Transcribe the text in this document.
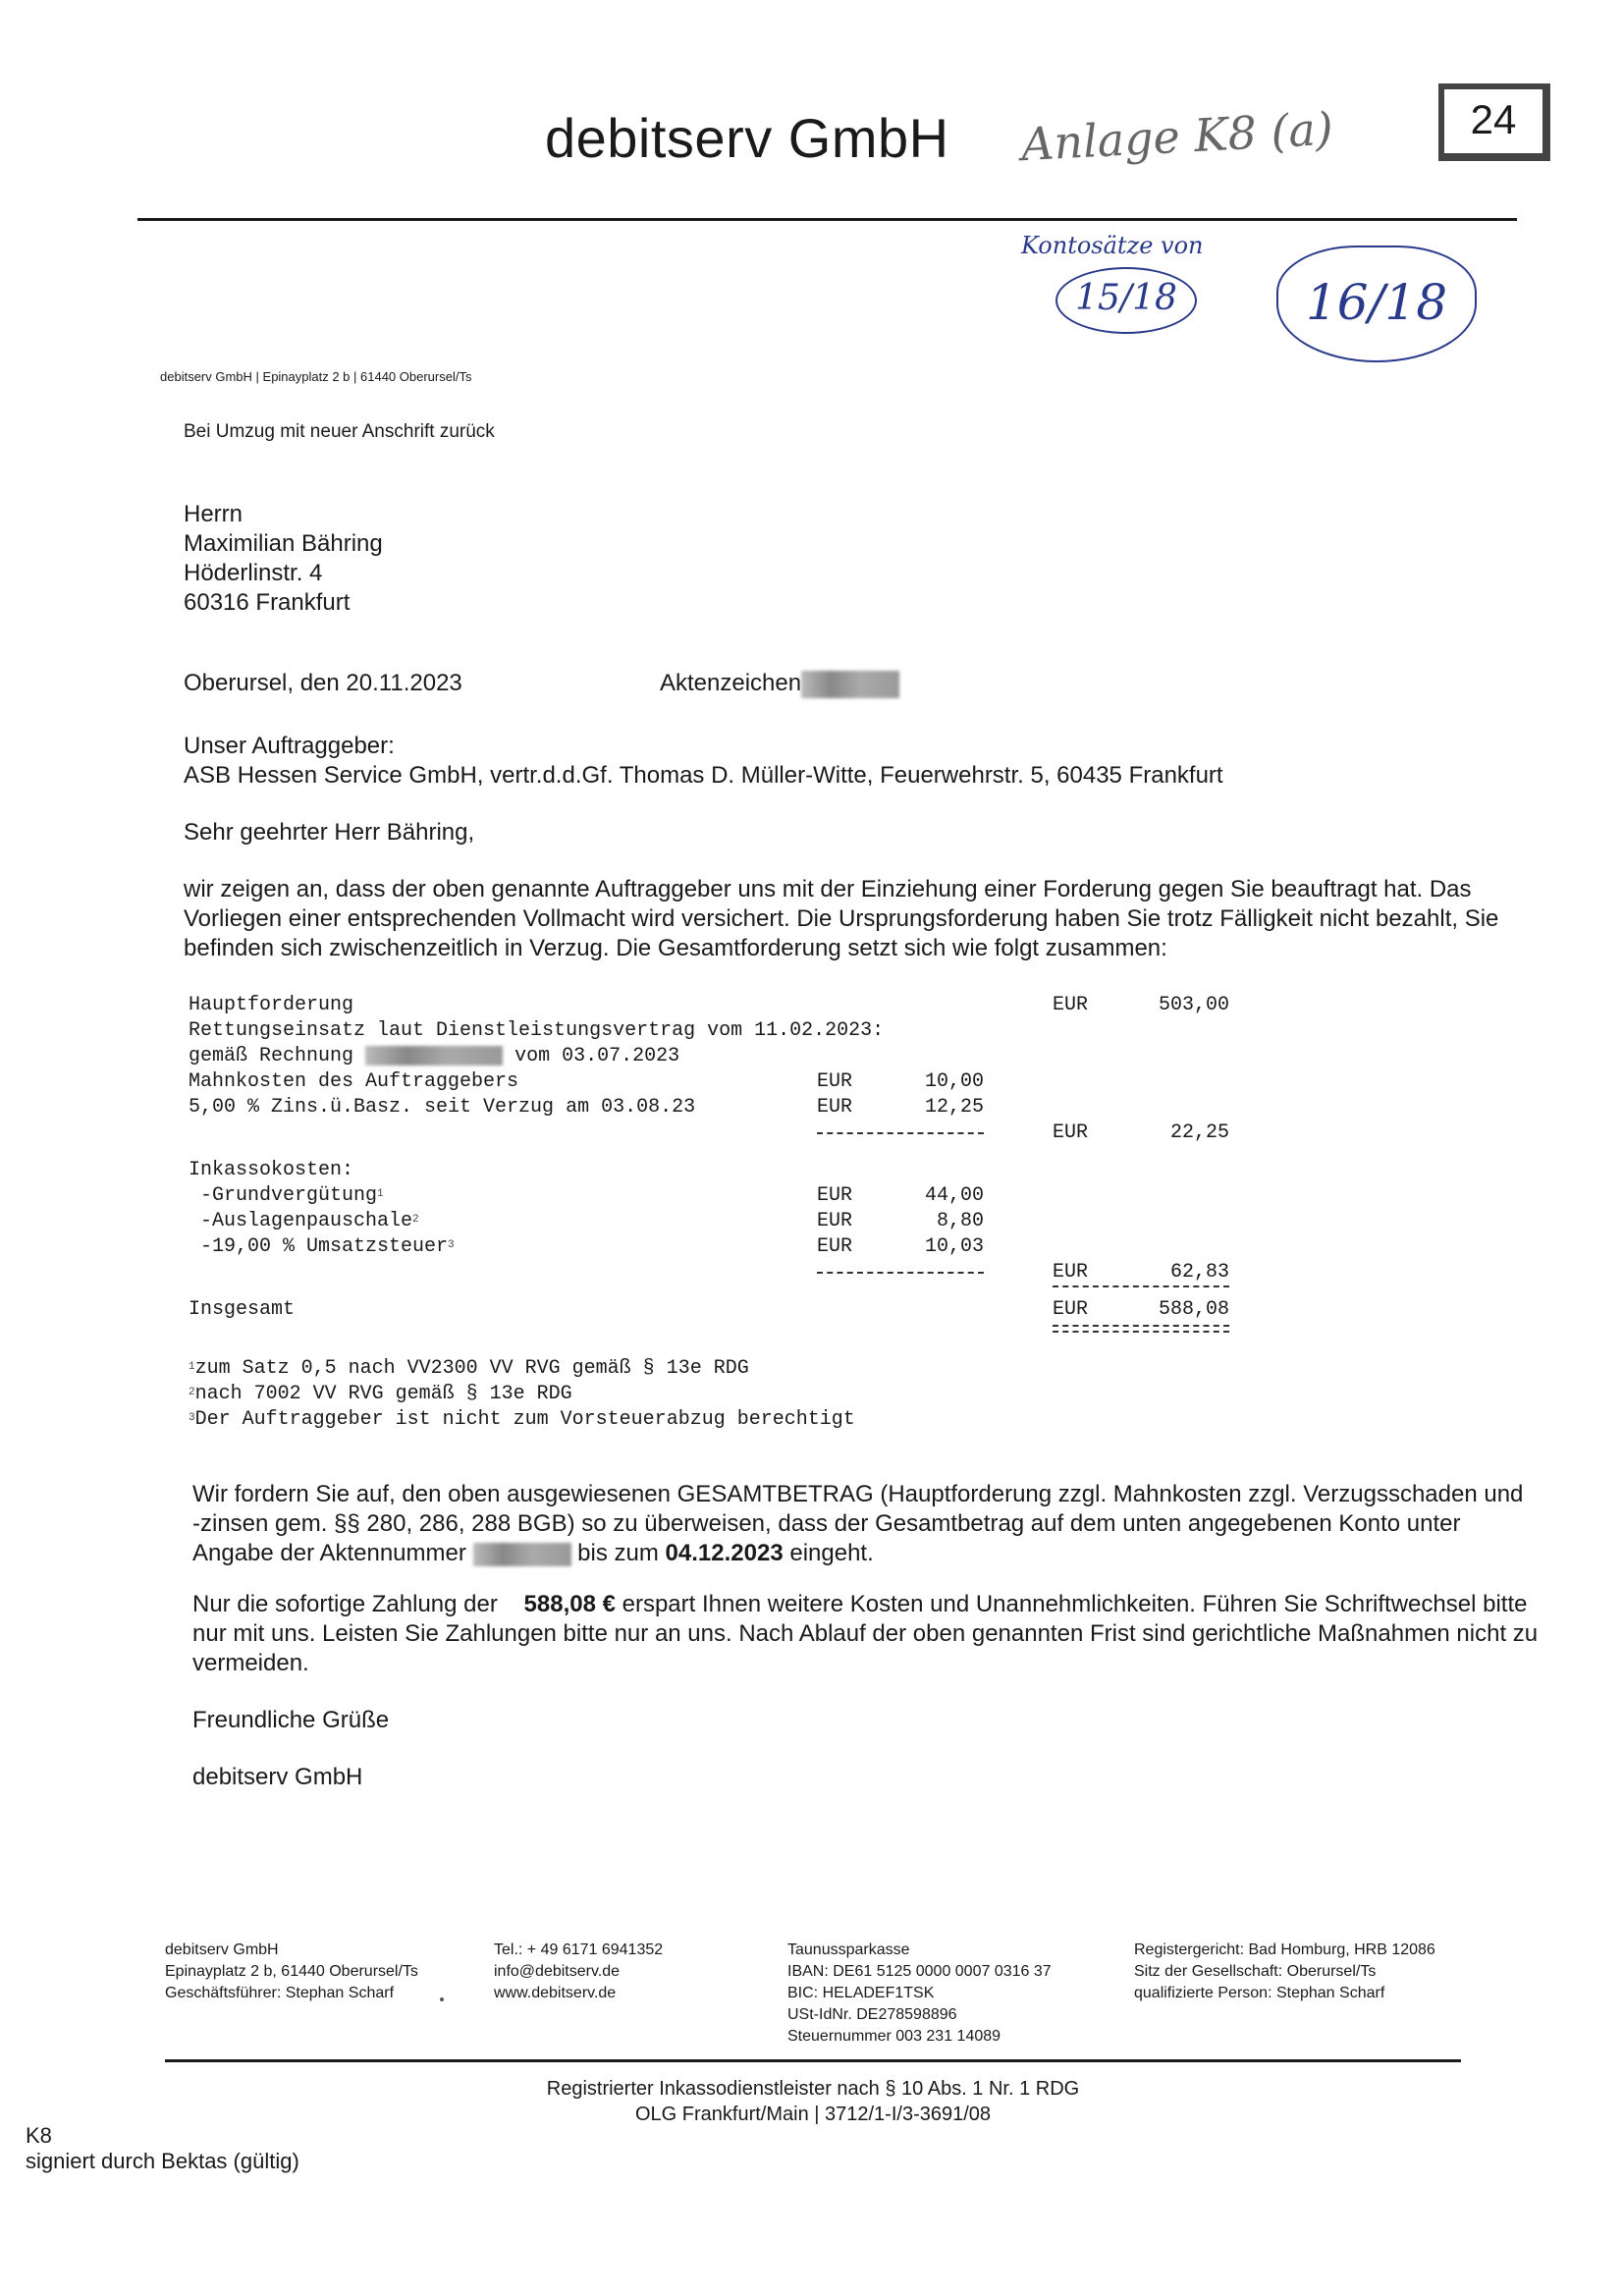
debitserv GmbH Anlage K8 (a)	24
Kontosätze von
15/18	16/18
debitserv GmbH | Epinayplatz 2 b | 61440 Oberursel/Ts
Bei Umzug mit neuer Anschrift zurück
Herrn
Maximilian Bähring
Höderlinstr. 4
60316 Frankfurt
Oberursel, den 20.11.2023	Aktenzeichen
Unser Auftraggeber:
ASB Hessen Service GmbH, vertr.d.d.Gf. Thomas D. Müller-Witte, Feuerwehrstr. 5, 60435 Frankfurt
Sehr geehrter Herr Bähring,
wir zeigen an, dass der oben genannte Auftraggeber uns mit der Einziehung einer Forderung gegen Sie beauftragt hat. Das Vorliegen einer entsprechenden Vollmacht wird versichert. Die Ursprungsforderung haben Sie trotz Fälligkeit nicht bezahlt, Sie befinden sich zwischenzeitlich in Verzug. Die Gesamtforderung setzt sich wie folgt zusammen:
Hauptforderung	EUR	503,00
Rettungseinsatz laut Dienstleistungsvertrag vom 11.02.2023:
gemäß Rechnung	vom 03.07.2023
Mahnkosten des Auftraggebers	EUR	10,00
5,00 % Zins.ü.Basz. seit Verzug am 03.08.23	EUR	12,25
EUR	22,25
Inkassokosten:
-Grundvergütung$^1$	EUR	44,00
-Auslagenpauschale$^2$	EUR	8,80
-19,00 % Umsatzsteuer$^3$	EUR	10,03
EUR	62,83
Insgesamt	EUR	588,08
$^1$zum Satz 0,5 nach VV2300 VV RVG gemäß § 13e RDG
$^2$nach 7002 VV RVG gemäß § 13e RDG
$^3$Der Auftraggeber ist nicht zum Vorsteuerabzug berechtigt
Wir fordern Sie auf, den oben ausgewiesenen GESAMTBETRAG (Hauptforderung zzgl. Mahnkosten zzgl. Verzugsschaden und -zinsen gem. §§ 280, 286, 288 BGB) so zu überweisen, dass der Gesamtbetrag auf dem unten angegebenen Konto unter Angabe der Aktennummer	bis zum 04.12.2023 eingeht.
Nur die sofortige Zahlung der    588,08 € erspart Ihnen weitere Kosten und Unannehmlichkeiten. Führen Sie Schriftwechsel bitte nur mit uns. Leisten Sie Zahlungen bitte nur an uns. Nach Ablauf der oben genannten Frist sind gerichtliche Maßnahmen nicht zu vermeiden.
Freundliche Grüße
debitserv GmbH
debitserv GmbH
Epinayplatz 2 b, 61440 Oberursel/Ts
Geschäftsführer: Stephan Scharf
Tel.: + 49 6171 6941352
info@debitserv.de
www.debitserv.de
Taunussparkasse
IBAN: DE61 5125 0000 0007 0316 37
BIC: HELADEF1TSK
USt-IdNr. DE278598896
Steuernummer 003 231 14089
Registergericht: Bad Homburg, HRB 12086
Sitz der Gesellschaft: Oberursel/Ts
qualifizierte Person: Stephan Scharf
Registrierter Inkassodienstleister nach § 10 Abs. 1 Nr. 1 RDG
OLG Frankfurt/Main | 3712/1-I/3-3691/08
K8
signiert durch Bektas (gültig)
